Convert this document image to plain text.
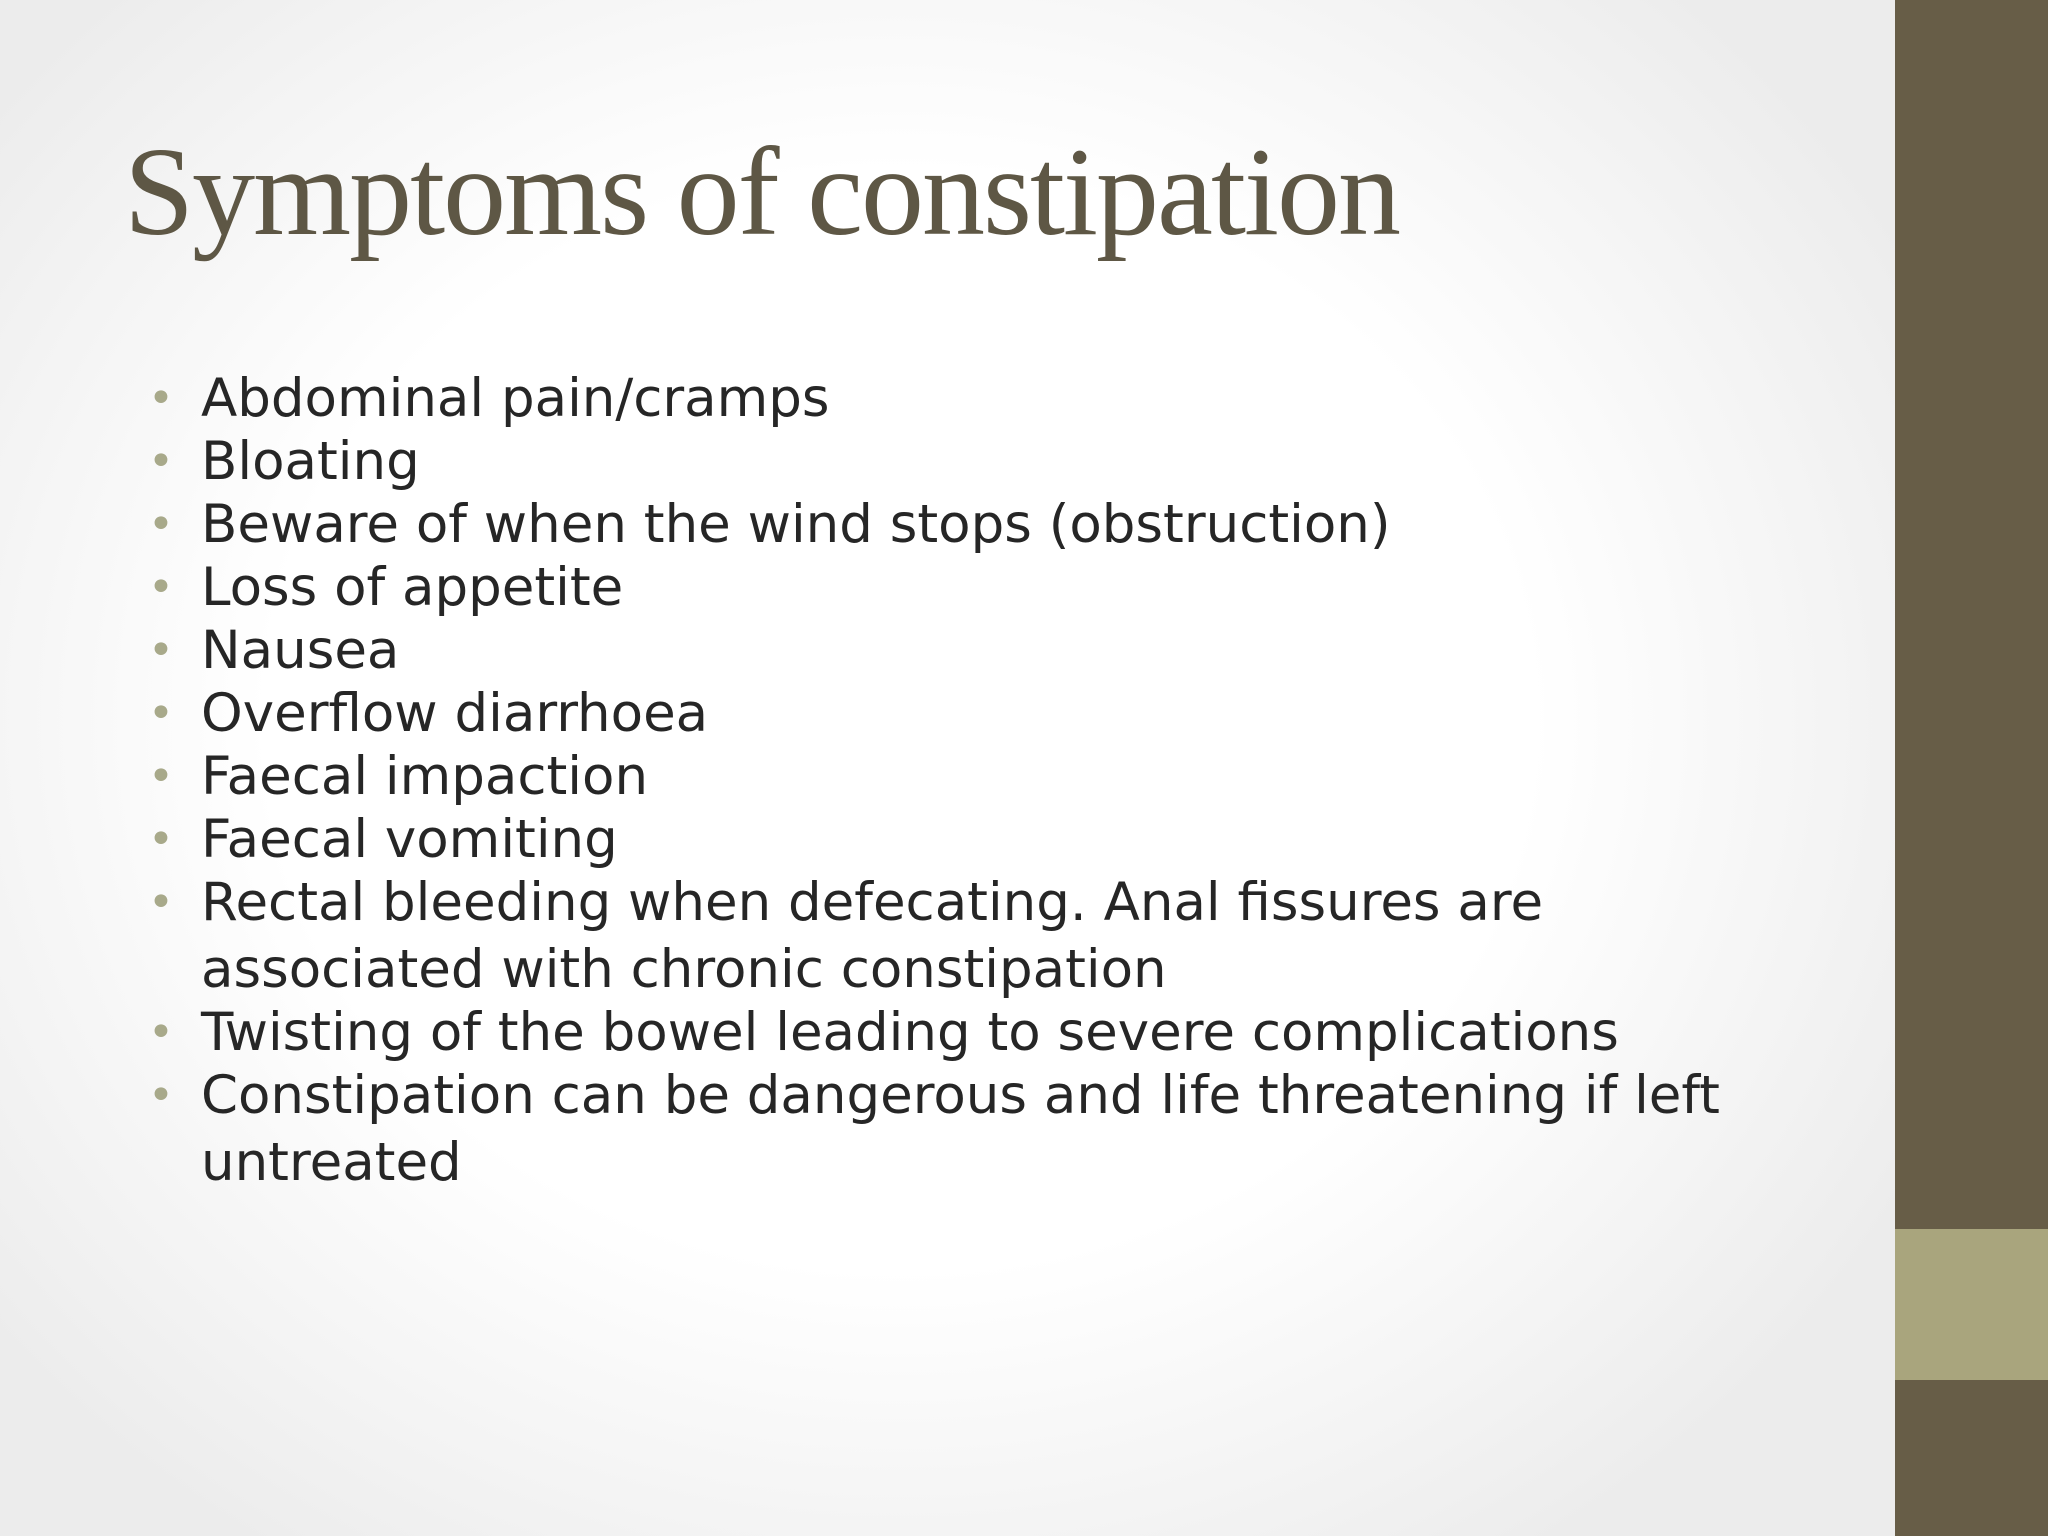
Symptoms of constipation
• Abdominal pain/cramps
• Bloating
• Beware of when the wind stops (obstruction)
• Loss of appetite
• Nausea
• Overflow diarrhoea
• Faecal impaction
• Faecal vomiting
• Rectal bleeding when defecating. Anal fissures are associated with chronic constipation
• Twisting of the bowel leading to severe complications
• Constipation can be dangerous and life threatening if left untreated
